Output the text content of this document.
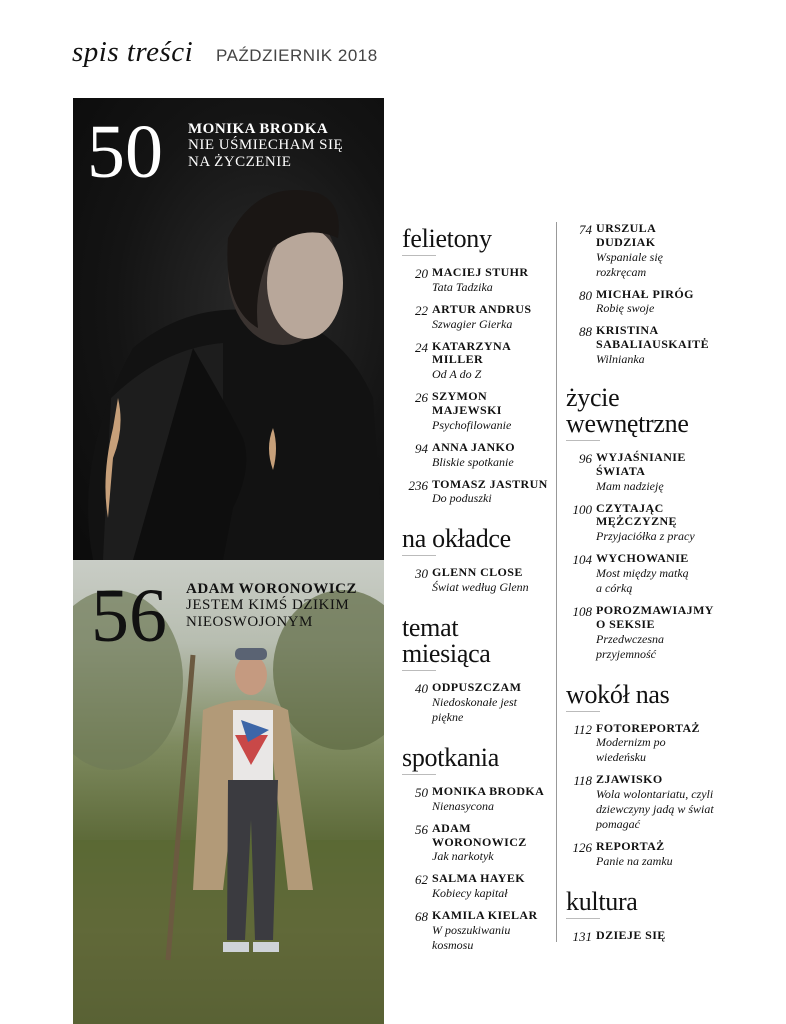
spis treści PAŹDZIERNIK 2018
50 MONIKA BRODKA
NIE UŚMIECHAM SIĘ NA ŻYCZENIE
56 ADAM WORONOWICZ
JESTEM KIMŚ DZIKIM NIEOSWOJONYM
felietony
20 MACIEJ STUHR
Tata Tadzika
22 ARTUR ANDRUS
Szwagier Gierka
24 KATARZYNA MILLER
Od A do Z
26 SZYMON MAJEWSKI
Psychofilowanie
94 ANNA JANKO
Bliskie spotkanie
236 TOMASZ JASTRUN
Do poduszki
na okładce
30 GLENN CLOSE
Świat według Glenn
temat miesiąca
40 ODPUSZCZAM
Niedoskonałe jest piękne
spotkania
50 MONIKA BRODKA
Nienasycona
56 ADAM WORONOWICZ
Jak narkotyk
62 SALMA HAYEK
Kobiecy kapitał
68 KAMILA KIELAR
W poszukiwaniu kosmosu
74 URSZULA DUDZIAK
Wspaniale się rozkręcam
80 MICHAŁ PIRÓG
Robię swoje
88 KRISTINA SABALIAUSKAITĖ
Wilnianka
życie wewnętrzne
96 WYJAŚNIANIE ŚWIATA
Mam nadzieję
100 CZYTAJĄC MĘŻCZYZNĘ
Przyjaciółka z pracy
104 WYCHOWANIE
Most między matką a córką
108 POROZMAWIAJMY O SEKSIE
Przedwczesna przyjemność
wokół nas
112 FOTOREPORTAŻ
Modernizm po wiedeńsku
118 ZJAWISKO
Wola wolontariatu, czyli dziewczyny jadą w świat pomagać
126 REPORTAŻ
Panie na zamku
kultura
131 DZIEJE SIĘ
